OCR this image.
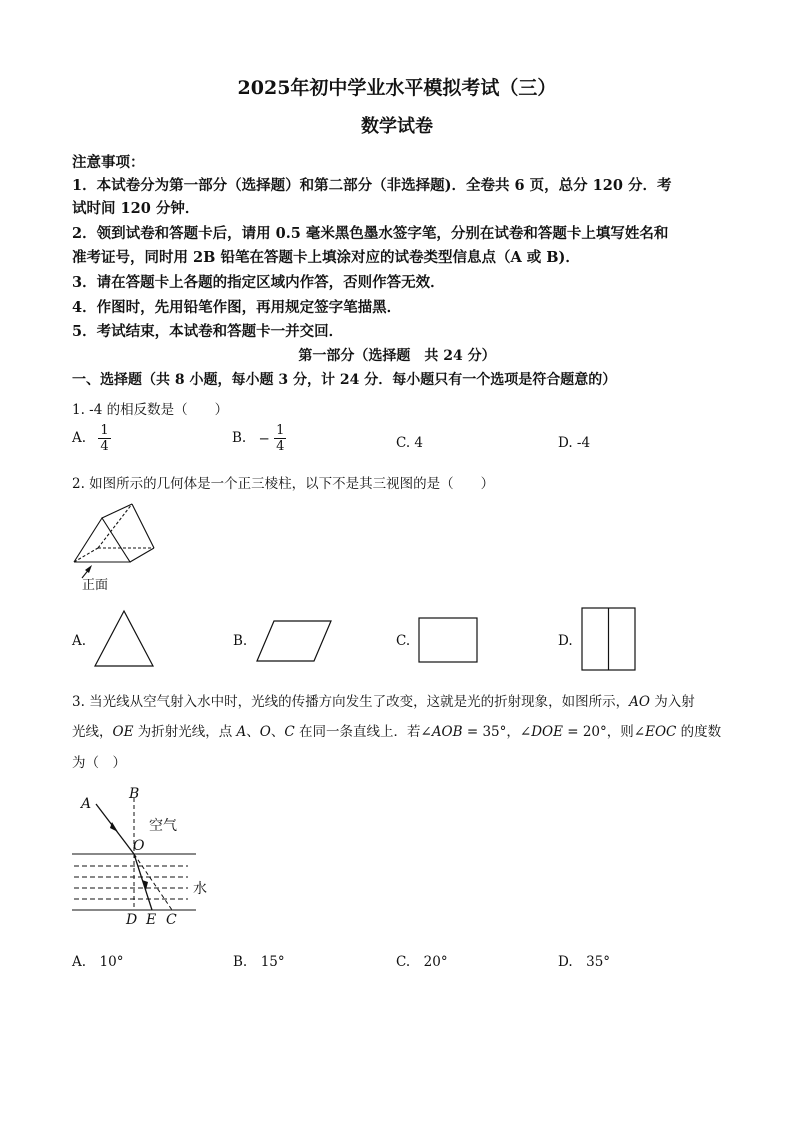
2025年初中学业水平模拟考试（三）
数学试卷
注意事项：
1．本试卷分为第一部分（选择题）和第二部分（非选择题)．全卷共 6 页，总分 120 分．考
试时间 120 分钟．
2．领到试卷和答题卡后，请用 0.5 毫米黑色墨水签字笔，分别在试卷和答题卡上填写姓名和
准考证号，同时用 2B 铅笔在答题卡上填涂对应的试卷类型信息点（A 或 B)．
3．请在答题卡上各题的指定区域内作答，否则作答无效．
4．作图时，先用铅笔作图，再用规定签字笔描黑．
5．考试结束，本试卷和答题卡一并交回．
第一部分（选择题　共 24 分）
一、选择题（共 8 小题，每小题 3 分，计 24 分．每小题只有一个选项是符合题意的）
1. -4 的相反数是（　　）
A. $\frac{1}{4}$	B. − $\frac{1}{4}$	C. 4	D. -4
2. 如图所示的几何体是一个正三棱柱，以下不是其三视图的是（　　）
正面
A.	B.	C.	D.
3. 当光线从空气射入水中时，光线的传播方向发生了改变，这就是光的折射现象，如图所示，AO 为入射
光线，OE 为折射光线，点 A、O、C 在同一条直线上．若∠AOB = 35°，∠DOE = 20°，则∠EOC 的度数
为（　）
A
B
O
D E C
空气
水
A.　10°	B.　15°	C.　20°	D.　35°
